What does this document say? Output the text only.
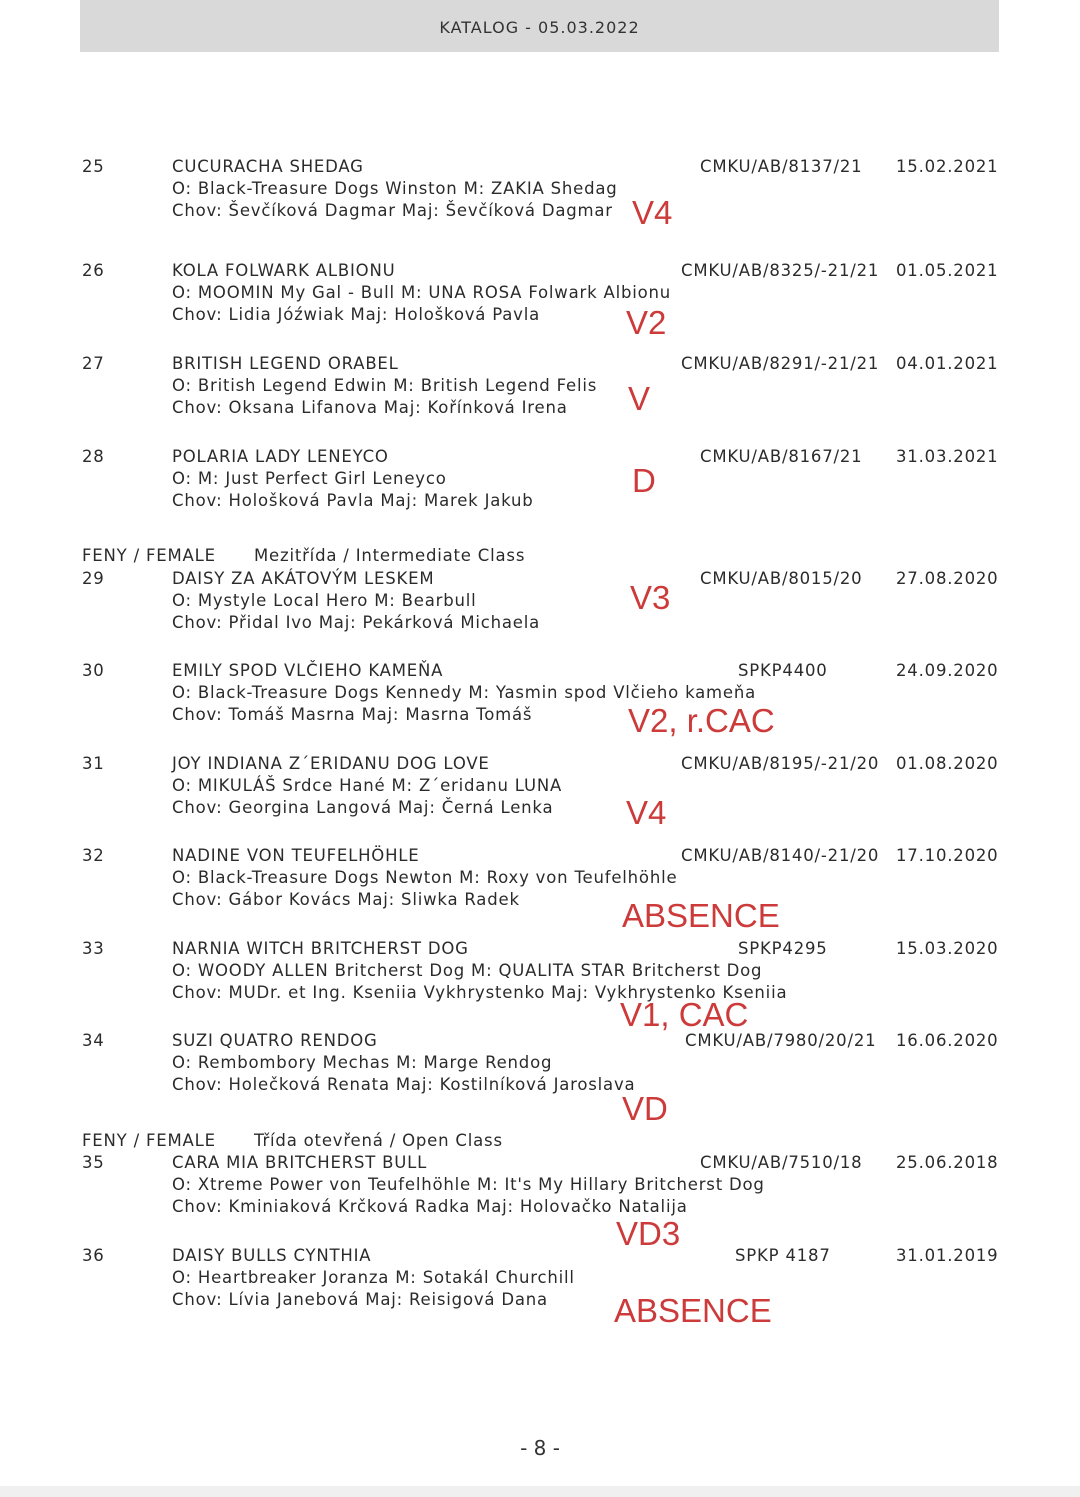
KATALOG - 05.03.2022
FENY / FEMALE Mezitřída / Intermediate Class
FENY / FEMALE Třída otevřená / Open Class
25	CUCURACHA SHEDAG	CMKU/AB/8137/21 15.02.2021
O: Black-Treasure Dogs Winston M: ZAKIA Shedag
Chov: Ševčíková Dagmar Maj: Ševčíková Dagmar V4
26	KOLA FOLWARK ALBIONU	CMKU/AB/8325/-21/21 01.05.2021
O: MOOMIN My Gal - Bull M: UNA ROSA Folwark Albionu
Chov: Lidia Jóźwiak Maj: Hološková Pavla	V2
27	BRITISH LEGEND ORABEL	CMKU/AB/8291/-21/21 04.01.2021
O: British Legend Edwin M: British Legend Felis
Chov: Oksana Lifanova Maj: Kořínková Irena V
28	POLARIA LADY LENEYCO	CMKU/AB/8167/21 31.03.2021
O: M: Just Perfect Girl Leneyco
Chov: Hološková Pavla Maj: Marek Jakub
D
29	DAISY ZA AKÁTOVÝM LESKEM	CMKU/AB/8015/20 27.08.2020
O: Mystyle Local Hero M: Bearbull
Chov: Přidal Ivo Maj: Pekárková Michaela
V3
30	EMILY SPOD VLČIEHO KAMEŇA	SPKP4400	24.09.2020
O: Black-Treasure Dogs Kennedy M: Yasmin spod Vlčieho kameňa
Chov: Tomáš Masrna Maj: Masrna Tomáš	V2, r.CAC
31	JOY INDIANA Z´ERIDANU DOG LOVE	CMKU/AB/8195/-21/20 01.08.2020
O: MIKULÁŠ Srdce Hané M: Z´eridanu LUNA
Chov: Georgina Langová Maj: Černá Lenka V4
32	NADINE VON TEUFELHÖHLE	CMKU/AB/8140/-21/20 17.10.2020
O: Black-Treasure Dogs Newton M: Roxy von Teufelhöhle
Chov: Gábor Kovács Maj: Sliwka Radek	ABSENCE
33	NARNIA WITCH BRITCHERST DOG	SPKP4295	15.03.2020
O: WOODY ALLEN Britcherst Dog M: QUALITA STAR Britcherst Dog
Chov: MUDr. et Ing. Kseniia Vykhrystenko Maj: Vykhrystenko Kseniia
V1, CAC
34	SUZI QUATRO RENDOG	CMKU/AB/7980/20/21 16.06.2020
O: Rembombory Mechas M: Marge Rendog
Chov: Holečková Renata Maj: Kostilníková Jaroslava
VD
35	CARA MIA BRITCHERST BULL	CMKU/AB/7510/18 25.06.2018
O: Xtreme Power von Teufelhöhle M: It's My Hillary Britcherst Dog
Chov: Kminiaková Krčková Radka Maj: Holovačko Natalija
VD3
36	DAISY BULLS CYNTHIA	SPKP 4187	31.01.2019
O: Heartbreaker Joranza M: Sotakál Churchill
Chov: Lívia Janebová Maj: Reisigová Dana ABSENCE
- 8 -
